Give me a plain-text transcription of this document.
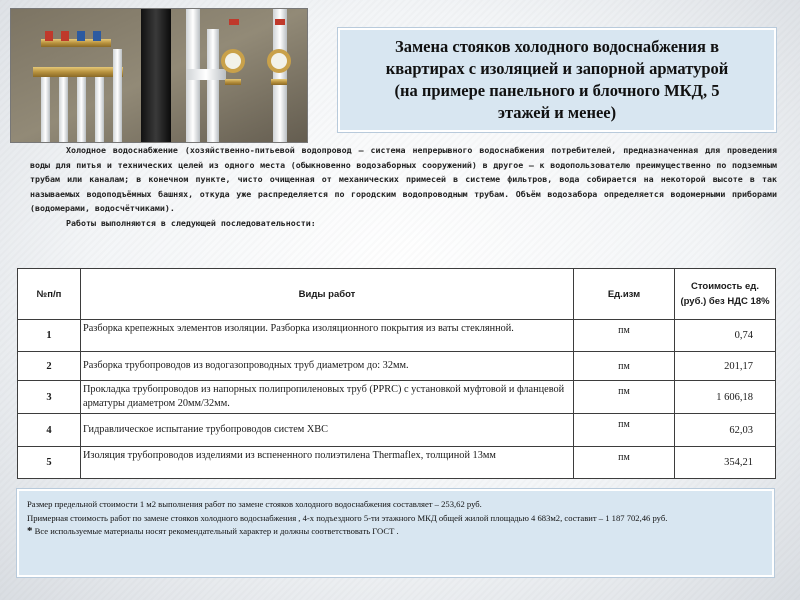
Замена стояков холодного водоснабжения в
квартирах с изоляцией и запорной арматурой
(на примере панельного и блочного МКД, 5
этажей и менее)

Холодное водоснабжение (хозяйственно-питьевой водопровод — система непрерывного водоснабжения потребителей, предназначенная для проведения воды для питья и технических целей из одного места (обыкновенно водозаборных сооружений) в другое — к водопользователю преимущественно по подземным трубам или каналам; в конечном пункте, чисто очищенная от механических примесей в системе фильтров, вода собирается на некоторой высоте в так называемых водоподъёмных башнях, откуда уже распределяется по городским водопроводным трубам. Объём водозабора определяется водомерными приборами (водомерами, водосчётчиками).

Работы выполняются в следующей последовательности:

№п/п	Виды работ	Ед.изм	Стоимость ед. (руб.) без НДС 18%
1	Разборка крепежных элементов изоляции. Разборка изоляционного покрытия из ваты стеклянной.	пм	0,74
2	Разборка трубопроводов из водогазопроводных труб диаметром до: 32мм.	пм	201,17
3	Прокладка трубопроводов из напорных полипропиленовых труб (PPRC) с установкой муфтовой и фланцевой арматуры диаметром 20мм/32мм.	пм	1 606,18
4	Гидравлическое испытание трубопроводов систем ХВС	пм	62,03
5	Изоляция трубопроводов изделиями из вспененного полиэтилена Thermaflex, толщиной 13мм	пм	354,21

Размер предельной стоимости 1 м2 выполнения работ по замене стояков холодного водоснабжения составляет – 253,62 руб.

Примерная стоимость работ по замене стояков холодного водоснабжения , 4-х подъездного 5-ти этажного МКД общей жилой площадью 4 683м2, составит – 1 187 702,46 руб.

* Все используемые материалы носят рекомендательный характер и должны соответствовать ГОСТ .
